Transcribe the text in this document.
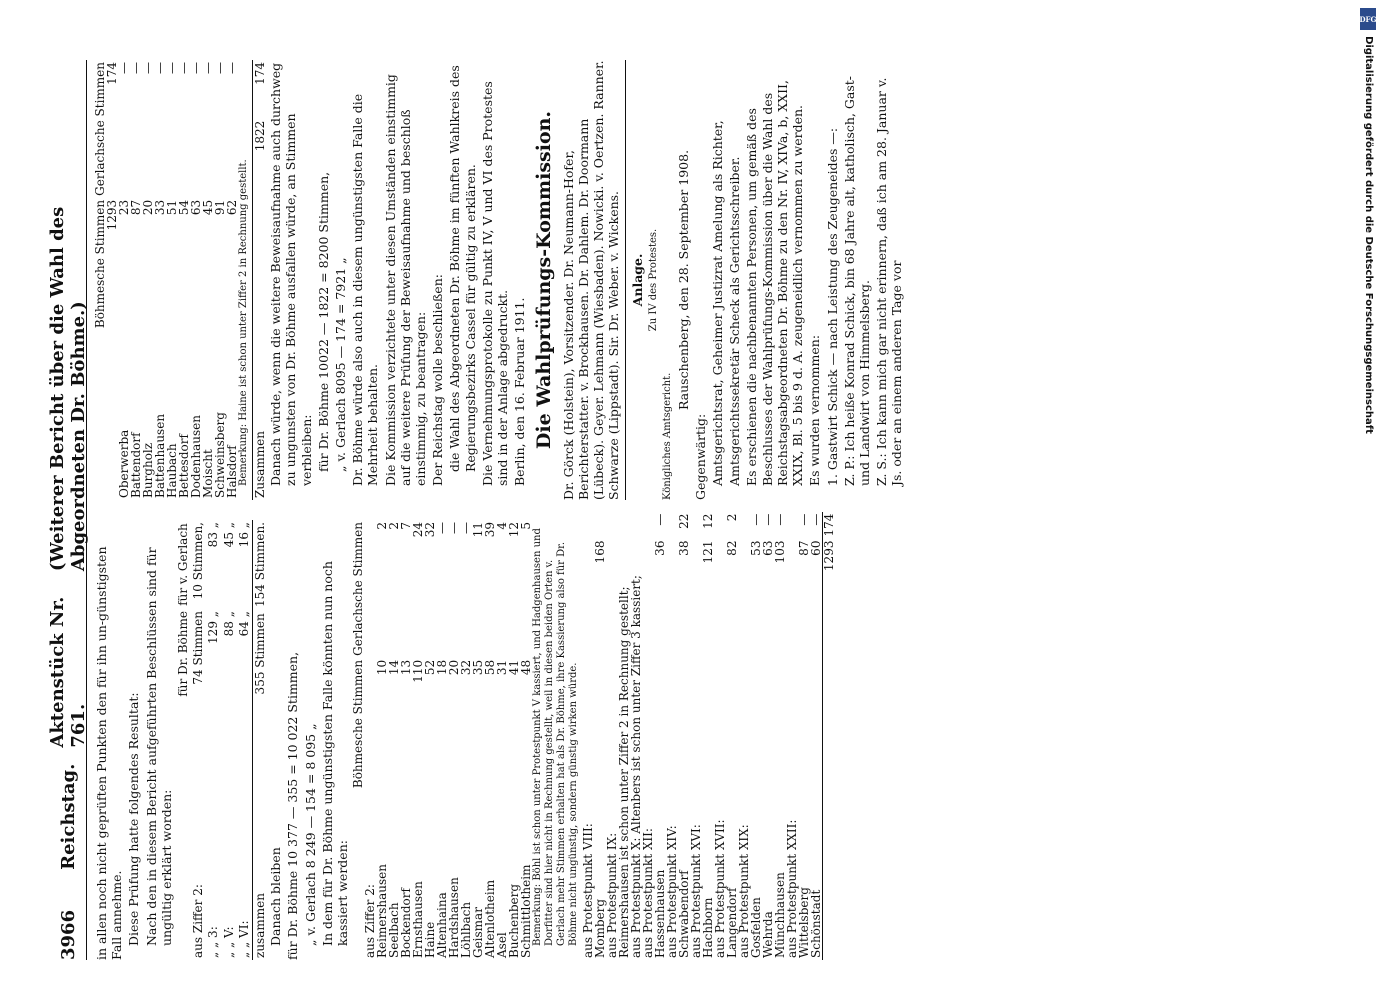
3966
Reichstag.
Aktenstück Nr. 761.
(Weiterer Bericht über die Wahl des Abgeordneten Dr. Böhme.)

in allen noch nicht geprüften Punkten den für ihn un-günstigsten Fall annehme. Diese Prüfung hatte folgendes Resultat: Nach den in diesem Bericht aufgeführten Beschlüssen sind für ungültig erklärt worden:

	für Dr. Böhme	für v. Gerlach
aus Ziffer 2:	74 Stimmen	10 Stimmen,
„ „ 3:	129 „	83 „
„ „ V:	88 „	45 „
„ „ VI:	64 „	16 „
zusammen	355 Stimmen	154 Stimmen.

Danach bleiben für Dr. Böhme 10 377 — 355 = 10 022 Stimmen, „ v. Gerlach 8 249 — 154 = 8 095 „ In dem für Dr. Böhme ungünstigsten Falle könnten nun noch kassiert werden:

	Böhmesche Stimmen	Gerlachsche Stimmen
aus Ziffer 2:		
Reimershausen	10	2
Seelbach	14	2
Bockendorf	13	7
Ernsthausen	110	24
Haine	52	32
Altenhaina	18	—
Hardshausen	20	—
Löhlbach	32	—
Geismar	35	11
Altenlotheim	58	39
Asel	31	4
Buchenberg	41	12
Schmittlotheim	48	5

Bemerkung: Böhl ist schon unter Protestpunkt V kassiert, und Hadgenhausen und Dorfitter sind hier nicht in Rechnung gestellt, weil in diesen beiden Orten v. Gerlach mehr Stimmen erhalten hat als Dr. Böhme, ihre Kassierung also für Dr. Böhme nicht ungünstig, sondern günstig wirken würde. aus Protestpunkt VIII:		
Momberg	168	
aus Protestpunkt IX:		
Reimershausen ist schon unter Ziffer 2 in Rechnung gestellt;		
aus Protestpunkt X: Altenbers ist schon unter Ziffer 3 kassiert;		
aus Protestpunkt XII:		
Hassenhausen	36	—
aus Protestpunkt XIV:		
Schwabendorf	38	22
aus Protestpunkt XVI:		
Hachborn	121	12
aus Protestpunkt XVII:		
Langendorf	82	2
aus Protestpunkt XIX:		
Gosfelden	53	—
Wehrda	63	—
Münchhausen	103	—
aus Protestpunkt XXII:		
Wittelsberg	87	—
Schönstadt	60	—
	1293	174
	Böhmesche Stimmen	Gerlachsche Stimmen
	1293	174
Oberwerba	23	—
Battendorf	87	—
Burgholz	20	—
Battenhausen	33	—
Haubach	51	—
Bettesdorf	54	—
Dodenhausen	63	—
Moischt	45	—
Schweinsberg	91	—
Halsdorf	62	—

Bemerkung: Haine ist schon unter Ziffer 2 in Rechnung gestellt. Zusammen	1822	174 Danach würde, wenn die weitere Beweisaufnahme auch durchweg zu ungunsten von Dr. Böhme ausfallen würde, an Stimmen verbleiben: für Dr. Böhme 10022 — 1822 = 8200 Stimmen, „ v. Gerlach 8095 — 174 = 7921 „ Dr. Böhme würde also auch in diesem ungünstigsten Falle die Mehrheit behalten. Die Kommission verzichtete unter diesen Umständen einstimmig auf die weitere Prüfung der Beweisaufnahme und beschloß einstimmig, zu beantragen: Der Reichstag wolle beschließen: die Wahl des Abgeordneten Dr. Böhme im fünften Wahlkreis des Regierungsbezirks Cassel für gültig zu erklären. Die Vernehmungsprotokolle zu Punkt IV, V und VI des Protestes sind in der Anlage abgedruckt. Berlin, den 16. Februar 1911. Die Wahlprüfungs-Kommission. Dr. Görck (Holstein), Vorsitzender. Dr. Neumann-Hofer, Berichterstatter. v. Brockhausen. Dr. Dahlem. Dr. Doormann (Lübeck). Geyer. Lehmann (Wiesbaden). Nowicki. v. Oertzen. Ranner. Schwarze (Lippstadt). Sir. Dr. Weber. v. Wickens. Anlage. Zu IV des Protestes.

Königliches Amtsgericht.

Rauschenberg, den 28. September 1908.

Gegenwärtig: Amtsgerichtsrat, Geheimer Justizrat Amelung als Richter, Amtsgerichtssekretär Scheck als Gerichtsschreiber. Es erschienen die nachbenannten Personen, um gemäß des Beschlusses der Wahlprüfungs-Kommission über die Wahl des Reichstagsabgeordneten Dr. Böhme zu den Nr. IV, XIVa, b, XXII, XXIX, Bl. 5 bis 9 d. A. zeugeneidlich vernommen zu werden. Es wurden vernommen: 1. Gastwirt Schick — nach Leistung des Zeugeneides —: Z. P.: Ich heiße Konrad Schick, bin 68 Jahre alt, katholisch, Gast- und Landwirt von Himmelsberg. Z. S.: Ich kann mich gar nicht erinnern, daß ich am 28. Januar v. Js. oder an einem anderen Tage vor

DFG
Digitalisierung gefördert durch die Deutsche Forschungsgemeinschaft
